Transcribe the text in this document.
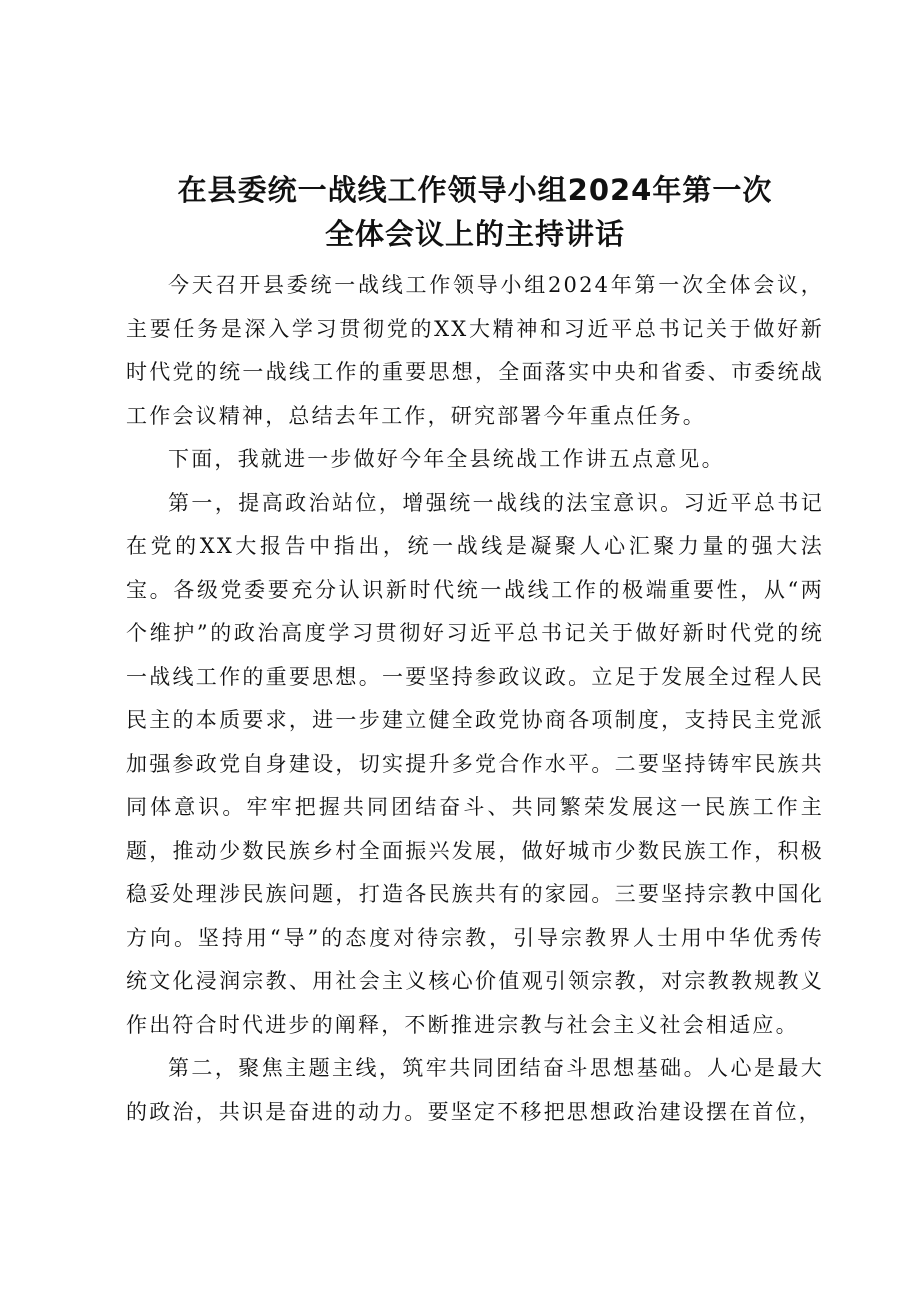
在县委统一战线工作领导小组2024年第一次
全体会议上的主持讲话

今天召开县委统一战线工作领导小组2024年第一次全体会议，主要任务是深入学习贯彻党的XX大精神和习近平总书记关于做好新时代党的统一战线工作的重要思想，全面落实中央和省委、市委统战工作会议精神，总结去年工作，研究部署今年重点任务。

下面，我就进一步做好今年全县统战工作讲五点意见。

第一，提高政治站位，增强统一战线的法宝意识。习近平总书记在党的XX大报告中指出，统一战线是凝聚人心汇聚力量的强大法宝。各级党委要充分认识新时代统一战线工作的极端重要性，从“两个维护”的政治高度学习贯彻好习近平总书记关于做好新时代党的统一战线工作的重要思想。一要坚持参政议政。立足于发展全过程人民民主的本质要求，进一步建立健全政党协商各项制度，支持民主党派加强参政党自身建设，切实提升多党合作水平。二要坚持铸牢民族共同体意识。牢牢把握共同团结奋斗、共同繁荣发展这一民族工作主题，推动少数民族乡村全面振兴发展，做好城市少数民族工作，积极稳妥处理涉民族问题，打造各民族共有的家园。三要坚持宗教中国化方向。坚持用“导”的态度对待宗教，引导宗教界人士用中华优秀传统文化浸润宗教、用社会主义核心价值观引领宗教，对宗教教规教义作出符合时代进步的阐释，不断推进宗教与社会主义社会相适应。

第二，聚焦主题主线，筑牢共同团结奋斗思想基础。人心是最大的政治，共识是奋进的动力。要坚定不移把思想政治建设摆在首位，
